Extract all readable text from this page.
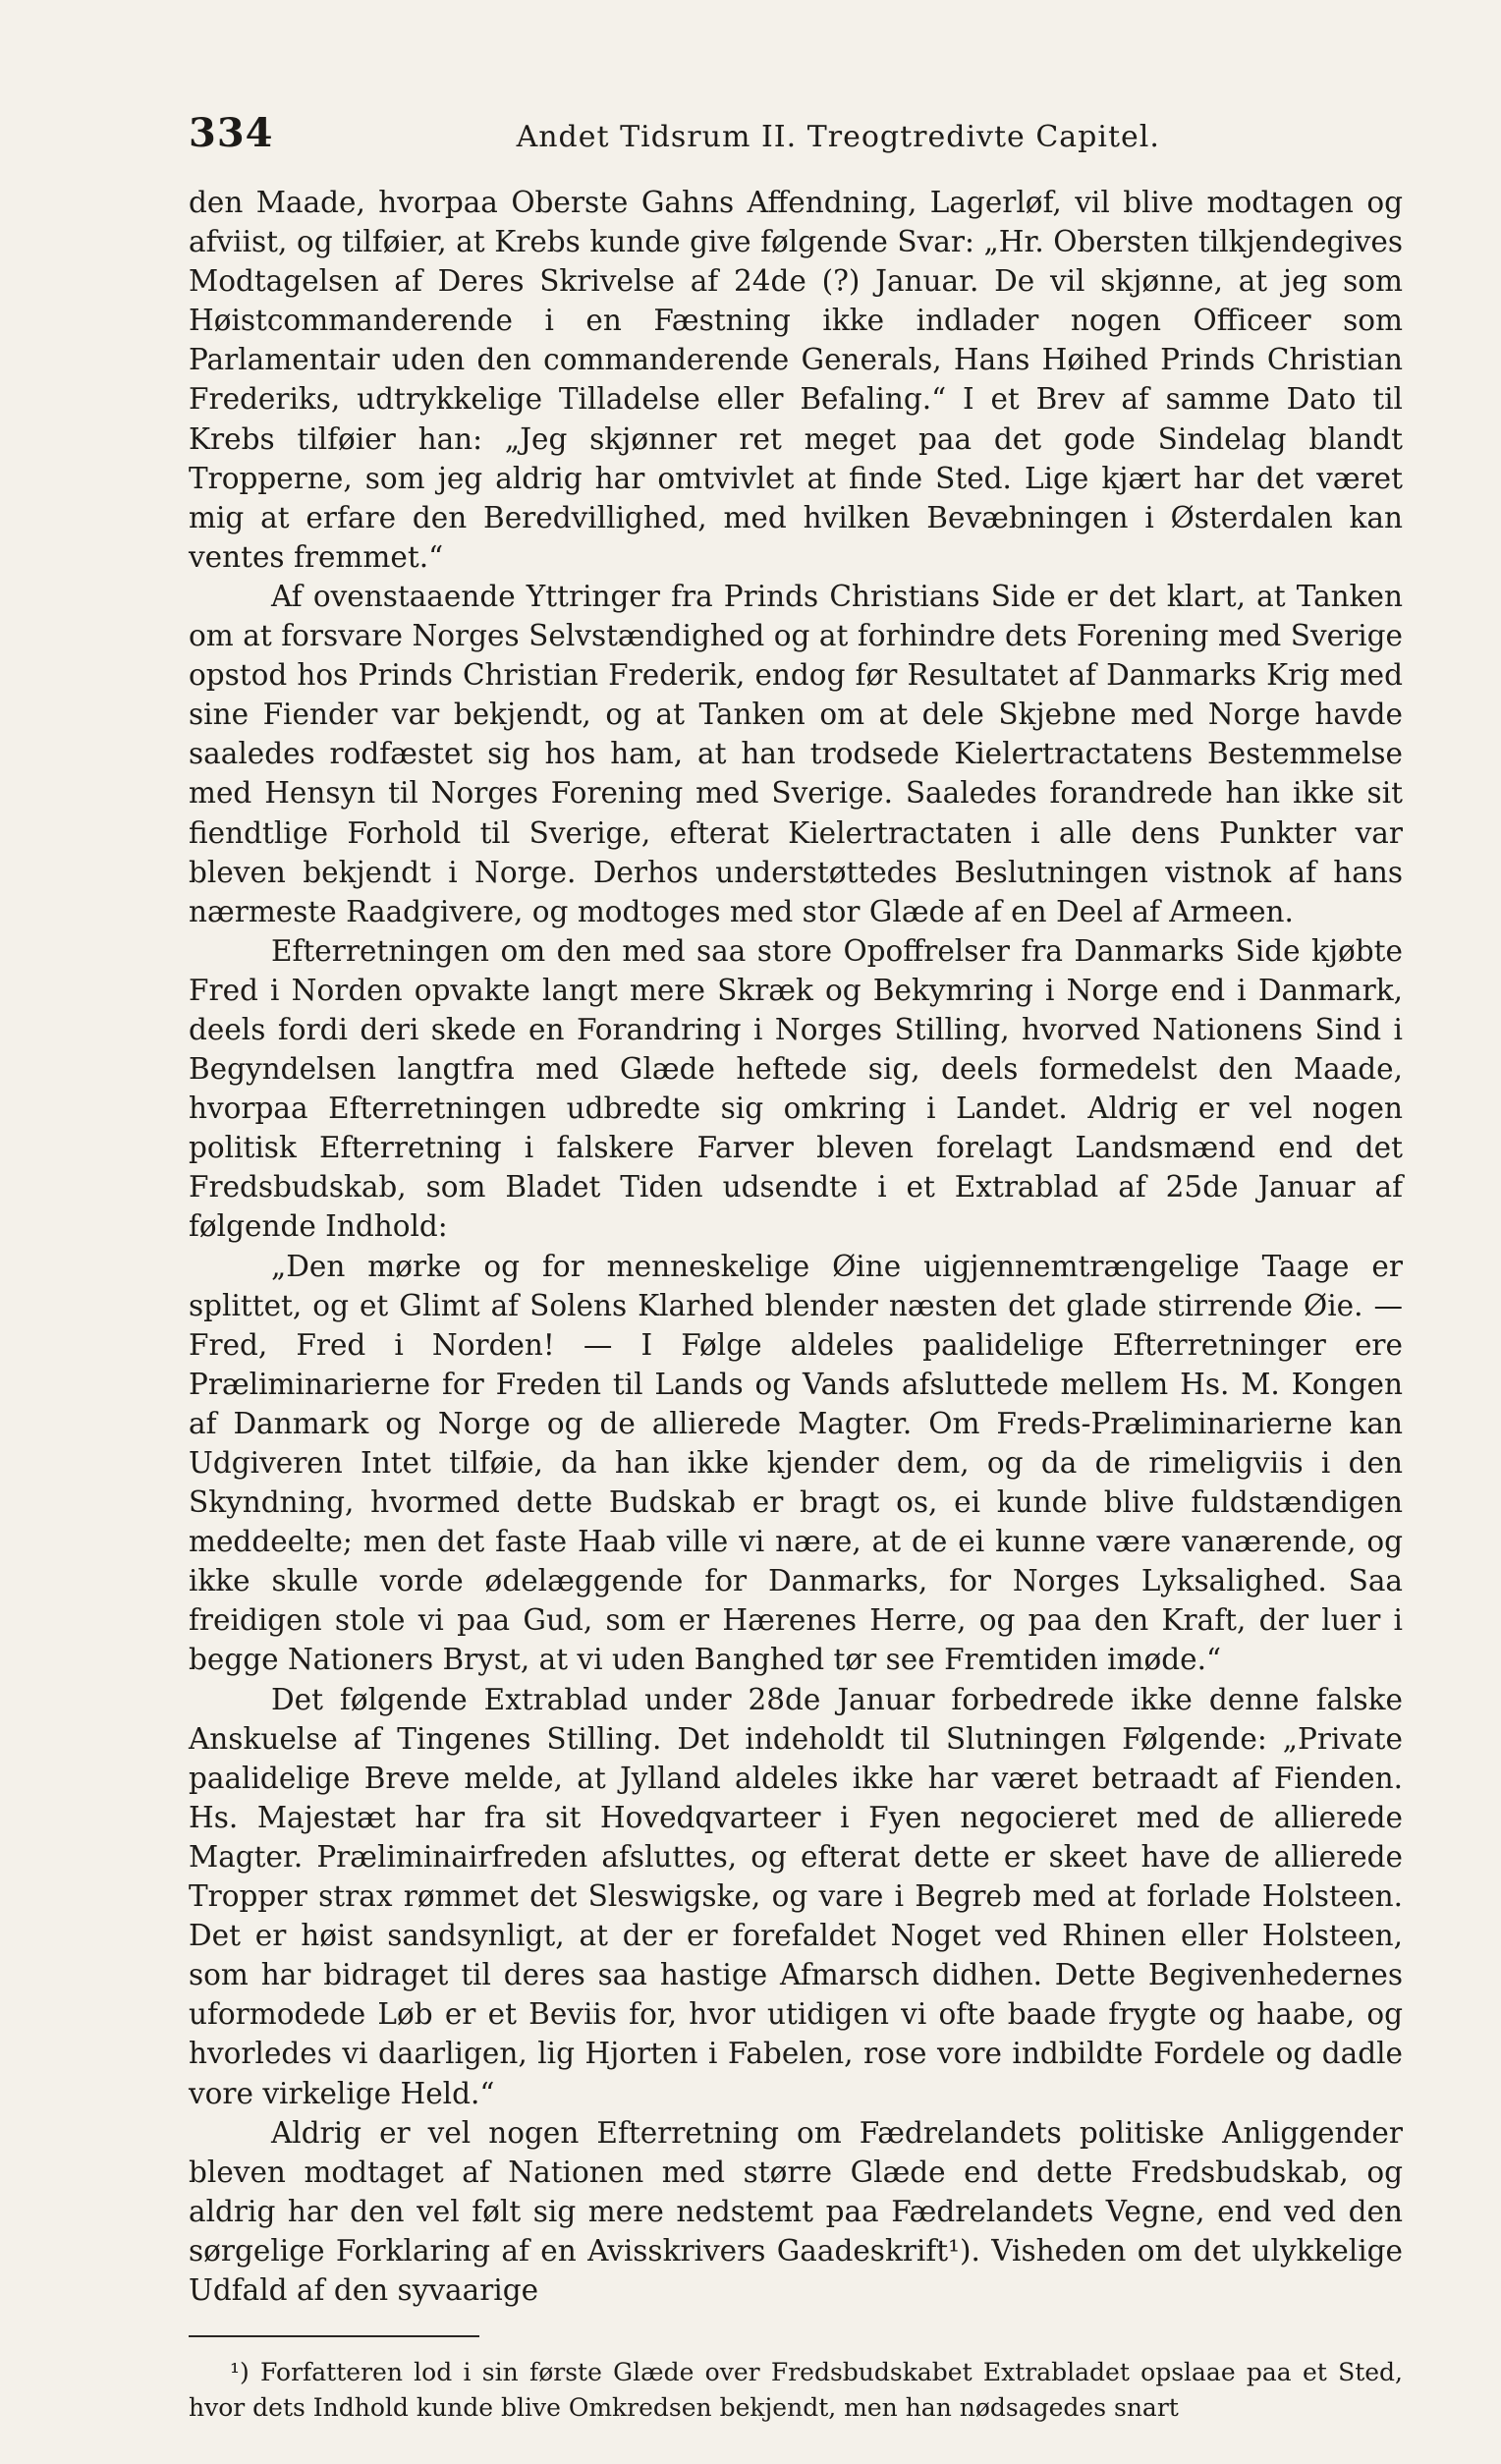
334	Andet Tidsrum II. Treogtredivte Capitel.

den Maade, hvorpaa Oberste Gahns Affendning, Lagerløf, vil blive modtagen og afviist, og tilføier, at Krebs kunde give følgende Svar: „Hr. Obersten tilkjendegives Modtagelsen af Deres Skrivelse af 24de (?) Januar. De vil skjønne, at jeg som Høistcommanderende i en Fæstning ikke indlader nogen Officeer som Parlamentair uden den commanderende Generals, Hans Høihed Prinds Christian Frederiks, udtrykkelige Tilladelse eller Befaling.“ I et Brev af samme Dato til Krebs tilføier han: „Jeg skjønner ret meget paa det gode Sindelag blandt Tropperne, som jeg aldrig har omtvivlet at finde Sted. Lige kjært har det været mig at erfare den Beredvillighed, med hvilken Bevæbningen i Østerdalen kan ventes fremmet.“

Af ovenstaaende Yttringer fra Prinds Christians Side er det klart, at Tanken om at forsvare Norges Selvstændighed og at forhindre dets Forening med Sverige opstod hos Prinds Christian Frederik, endog før Resultatet af Danmarks Krig med sine Fiender var bekjendt, og at Tanken om at dele Skjebne med Norge havde saaledes rodfæstet sig hos ham, at han trodsede Kielertractatens Bestemmelse med Hensyn til Norges Forening med Sverige. Saaledes forandrede han ikke sit fiendtlige Forhold til Sverige, efterat Kielertractaten i alle dens Punkter var bleven bekjendt i Norge. Derhos understøttedes Beslutningen vistnok af hans nærmeste Raadgivere, og modtoges med stor Glæde af en Deel af Armeen.

Efterretningen om den med saa store Opoffrelser fra Danmarks Side kjøbte Fred i Norden opvakte langt mere Skræk og Bekymring i Norge end i Danmark, deels fordi deri skede en Forandring i Norges Stilling, hvorved Nationens Sind i Begyndelsen langtfra med Glæde heftede sig, deels formedelst den Maade, hvorpaa Efterretningen udbredte sig omkring i Landet. Aldrig er vel nogen politisk Efterretning i falskere Farver bleven forelagt Landsmænd end det Fredsbudskab, som Bladet Tiden udsendte i et Extrablad af 25de Januar af følgende Indhold:

„Den mørke og for menneskelige Øine uigjennemtrængelige Taage er splittet, og et Glimt af Solens Klarhed blender næsten det glade stirrende Øie. — Fred, Fred i Norden! — I Følge aldeles paalidelige Efterretninger ere Præliminarierne for Freden til Lands og Vands afsluttede mellem Hs. M. Kongen af Danmark og Norge og de allierede Magter. Om Freds-Præliminarierne kan Udgiveren Intet tilføie, da han ikke kjender dem, og da de rimeligviis i den Skyndning, hvormed dette Budskab er bragt os, ei kunde blive fuldstændigen meddeelte; men det faste Haab ville vi nære, at de ei kunne være vanærende, og ikke skulle vorde ødelæggende for Danmarks, for Norges Lyksalighed. Saa freidigen stole vi paa Gud, som er Hærenes Herre, og paa den Kraft, der luer i begge Nationers Bryst, at vi uden Banghed tør see Fremtiden imøde.“

Det følgende Extrablad under 28de Januar forbedrede ikke denne falske Anskuelse af Tingenes Stilling. Det indeholdt til Slutningen Følgende: „Private paalidelige Breve melde, at Jylland aldeles ikke har været betraadt af Fienden. Hs. Majestæt har fra sit Hovedqvarteer i Fyen negocieret med de allierede Magter. Præliminairfreden afsluttes, og efterat dette er skeet have de allierede Tropper strax rømmet det Sleswigske, og vare i Begreb med at forlade Holsteen. Det er høist sandsynligt, at der er forefaldet Noget ved Rhinen eller Holsteen, som har bidraget til deres saa hastige Afmarsch didhen. Dette Begivenhedernes uformodede Løb er et Beviis for, hvor utidigen vi ofte baade frygte og haabe, og hvorledes vi daarligen, lig Hjorten i Fabelen, rose vore indbildte Fordele og dadle vore virkelige Held.“

Aldrig er vel nogen Efterretning om Fædrelandets politiske Anliggender bleven modtaget af Nationen med større Glæde end dette Fredsbudskab, og aldrig har den vel følt sig mere nedstemt paa Fædrelandets Vegne, end ved den sørgelige Forklaring af en Avisskrivers Gaadeskrift¹). Visheden om det ulykkelige Udfald af den syvaarige

¹) Forfatteren lod i sin første Glæde over Fredsbudskabet Extrabladet opslaae paa et Sted, hvor dets Indhold kunde blive Omkredsen bekjendt, men han nødsagedes snart
